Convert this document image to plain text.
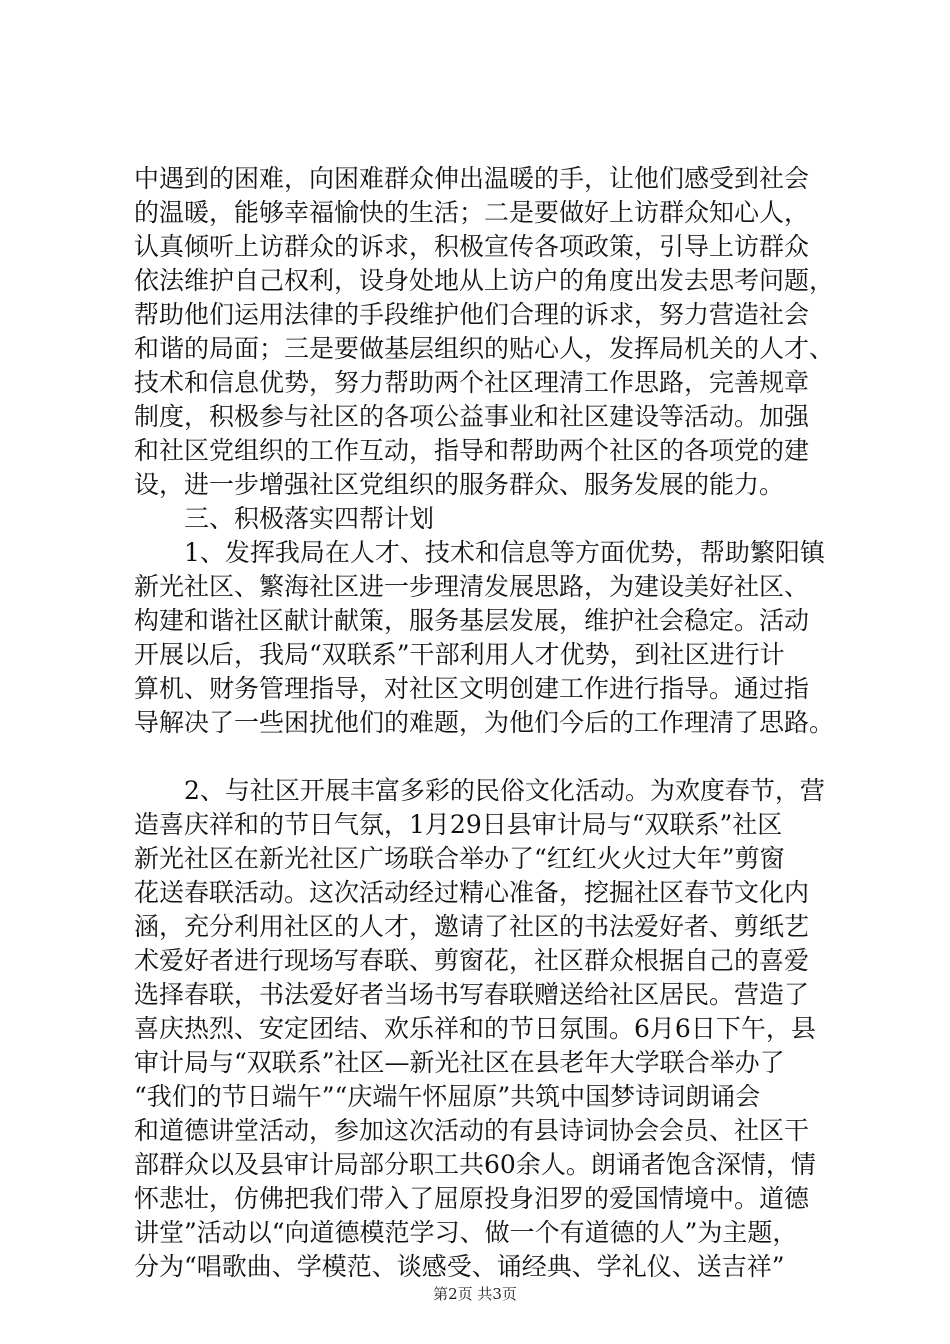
中遇到的困难，向困难群众伸出温暖的手，让他们感受到社会
的温暖，能够幸福愉快的生活；二是要做好上访群众知心人，
认真倾听上访群众的诉求，积极宣传各项政策，引导上访群众
依法维护自己权利，设身处地从上访户的角度出发去思考问题，
帮助他们运用法律的手段维护他们合理的诉求，努力营造社会
和谐的局面；三是要做基层组织的贴心人，发挥局机关的人才、
技术和信息优势，努力帮助两个社区理清工作思路，完善规章
制度，积极参与社区的各项公益事业和社区建设等活动。加强
和社区党组织的工作互动，指导和帮助两个社区的各项党的建
设，进一步增强社区党组织的服务群众、服务发展的能力。

三、积极落实四帮计划

1、发挥我局在人才、技术和信息等方面优势，帮助繁阳镇
新光社区、繁海社区进一步理清发展思路，为建设美好社区、
构建和谐社区献计献策，服务基层发展，维护社会稳定。活动
开展以后，我局“双联系”干部利用人才优势，到社区进行计
算机、财务管理指导，对社区文明创建工作进行指导。通过指
导解决了一些困扰他们的难题，为他们今后的工作理清了思路。

2、与社区开展丰富多彩的民俗文化活动。为欢度春节，营
造喜庆祥和的节日气氛，1月29日县审计局与“双联系”社区
新光社区在新光社区广场联合举办了“红红火火过大年”剪窗
花送春联活动。这次活动经过精心准备，挖掘社区春节文化内
涵，充分利用社区的人才，邀请了社区的书法爱好者、剪纸艺
术爱好者进行现场写春联、剪窗花，社区群众根据自己的喜爱
选择春联，书法爱好者当场书写春联赠送给社区居民。营造了
喜庆热烈、安定团结、欢乐祥和的节日氛围。6月6日下午，县
审计局与“双联系”社区—新光社区在县老年大学联合举办了
“我们的节日端午”“庆端午怀屈原”共筑中国梦诗词朗诵会
和道德讲堂活动，参加这次活动的有县诗词协会会员、社区干
部群众以及县审计局部分职工共60余人。朗诵者饱含深情，情
怀悲壮，仿佛把我们带入了屈原投身汨罗的爱国情境中。道德
讲堂”活动以“向道德模范学习、做一个有道德的人”为主题，
分为“唱歌曲、学模范、谈感受、诵经典、学礼仪、送吉祥”

第2页 共3页
